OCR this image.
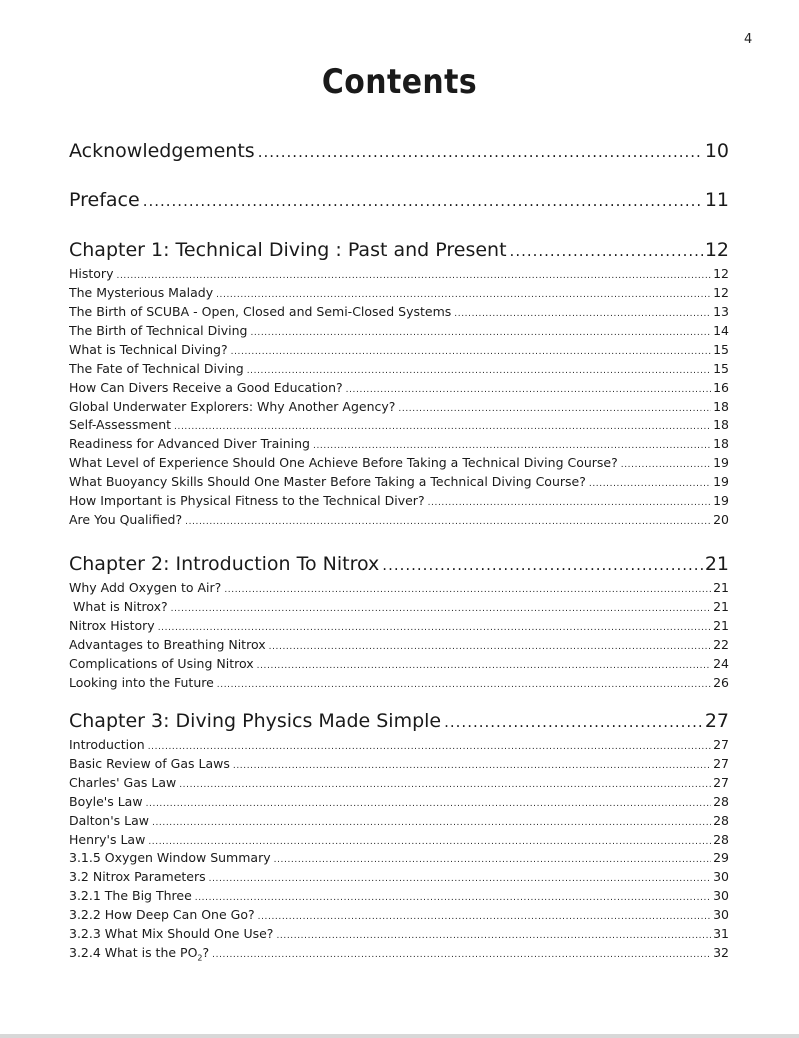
4
Contents
Acknowledgements .....	10
Preface .....	11
Chapter 1: Technical Diving : Past and Present .....	12
History .....	12
The Mysterious Malady .....	12
The Birth of SCUBA - Open, Closed and Semi-Closed Systems .....	13
The Birth of Technical Diving .....	14
What is Technical Diving? .....	15
The Fate of Technical Diving .....	15
How Can Divers Receive a Good Education? .....	16
Global Underwater Explorers: Why Another Agency? .....	18
Self-Assessment .....	18
Readiness for Advanced Diver Training .....	18
What Level of Experience Should One Achieve Before Taking a Technical Diving Course? .....	19
What Buoyancy Skills Should One Master Before Taking a Technical Diving Course? .....	19
How Important is Physical Fitness to the Technical Diver? .....	19
Are You Qualified? .....	20
Chapter 2: Introduction To Nitrox .....	21
Why Add Oxygen to Air? .....	21
What is Nitrox? .....	21
Nitrox History .....	21
Advantages to Breathing Nitrox .....	22
Complications of Using Nitrox .....	24
Looking into the Future .....	26
Chapter 3: Diving Physics Made Simple .....	27
Introduction .....	27
Basic Review of Gas Laws .....	27
Charles' Gas Law .....	27
Boyle's Law .....	28
Dalton's Law .....	28
Henry's Law .....	28
3.1.5 Oxygen Window Summary .....	29
3.2 Nitrox Parameters .....	30
3.2.1 The Big Three .....	30
3.2.2 How Deep Can One Go? .....	30
3.2.3 What Mix Should One Use? .....	31
3.2.4 What is the $PO_2$? .....	32
